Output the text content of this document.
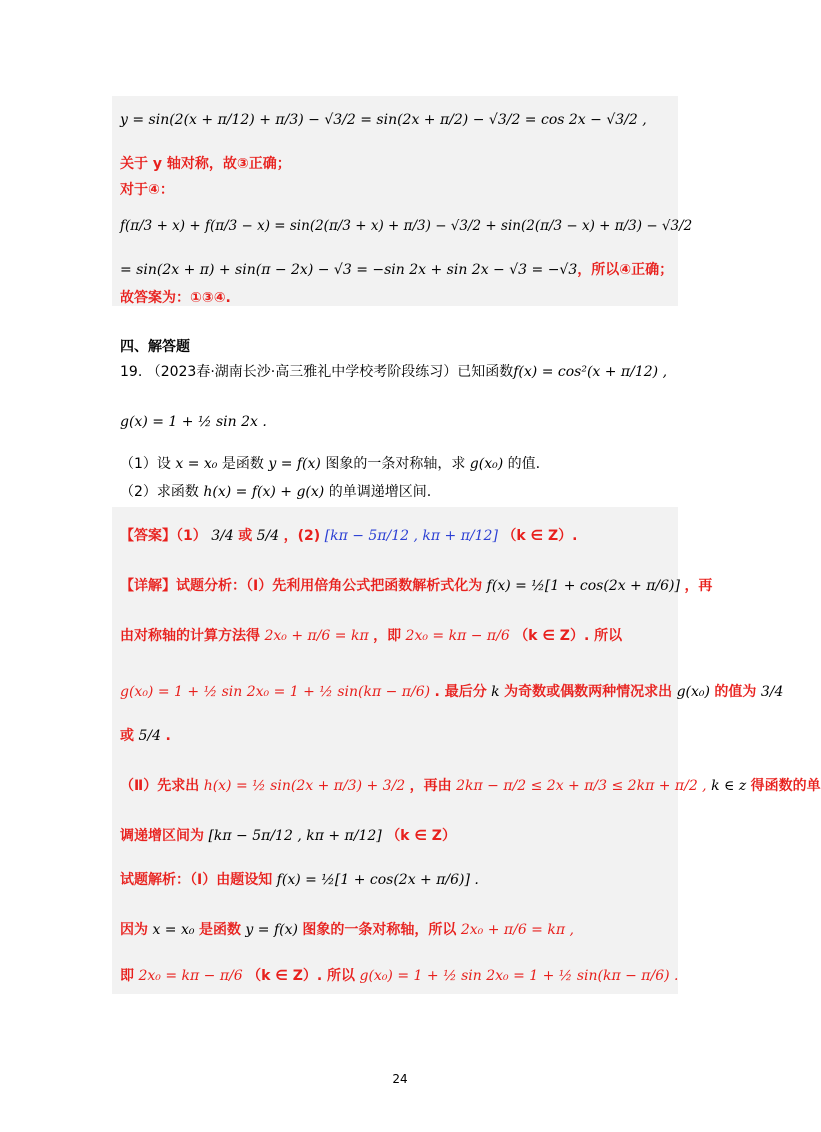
y = sin(2(x + π/12) + π/3) − √3/2 = sin(2x + π/2) − √3/2 = cos 2x − √3/2 ,
关于 y 轴对称，故③正确；
对于④：
f(π/3 + x) + f(π/3 − x) = sin(2(π/3 + x) + π/3) − √3/2 + sin(2(π/3 − x) + π/3) − √3/2
= sin(2x + π) + sin(π − 2x) − √3 = −sin 2x + sin 2x − √3 = −√3，所以④正确；
故答案为：①③④.
四、解答题
19. （2023春·湖南长沙·高三雅礼中学校考阶段练习）已知函数f(x) = cos²(x + π/12) ,
g(x) = 1 + ½ sin 2x .
（1）设 x = x₀ 是函数 y = f(x) 图象的一条对称轴，求 g(x₀) 的值.
（2）求函数 h(x) = f(x) + g(x) 的单调递增区间.
【答案】（1） 3/4 或 5/4 ，(2) [kπ − 5π/12 , kπ + π/12] （k ∈ Z）.
【详解】试题分析：（Ⅰ）先利用倍角公式把函数解析式化为 f(x) = ½[1 + cos(2x + π/6)] ，再
由对称轴的计算方法得 2x₀ + π/6 = kπ ，即 2x₀ = kπ − π/6 （k ∈ Z）. 所以
g(x₀) = 1 + ½ sin 2x₀ = 1 + ½ sin(kπ − π/6) . 最后分 k 为奇数或偶数两种情况求出 g(x₀) 的值为 3/4
或 5/4 .
（Ⅱ）先求出 h(x) = ½ sin(2x + π/3) + 3/2 ，再由 2kπ − π/2 ≤ 2x + π/3 ≤ 2kπ + π/2 , k ∈ z 得函数的单
调递增区间为 [kπ − 5π/12 , kπ + π/12] （k ∈ Z）
试题解析：（I）由题设知 f(x) = ½[1 + cos(2x + π/6)] .
因为 x = x₀ 是函数 y = f(x) 图象的一条对称轴，所以 2x₀ + π/6 = kπ ,
即 2x₀ = kπ − π/6 （k ∈ Z）. 所以 g(x₀) = 1 + ½ sin 2x₀ = 1 + ½ sin(kπ − π/6) .
24
